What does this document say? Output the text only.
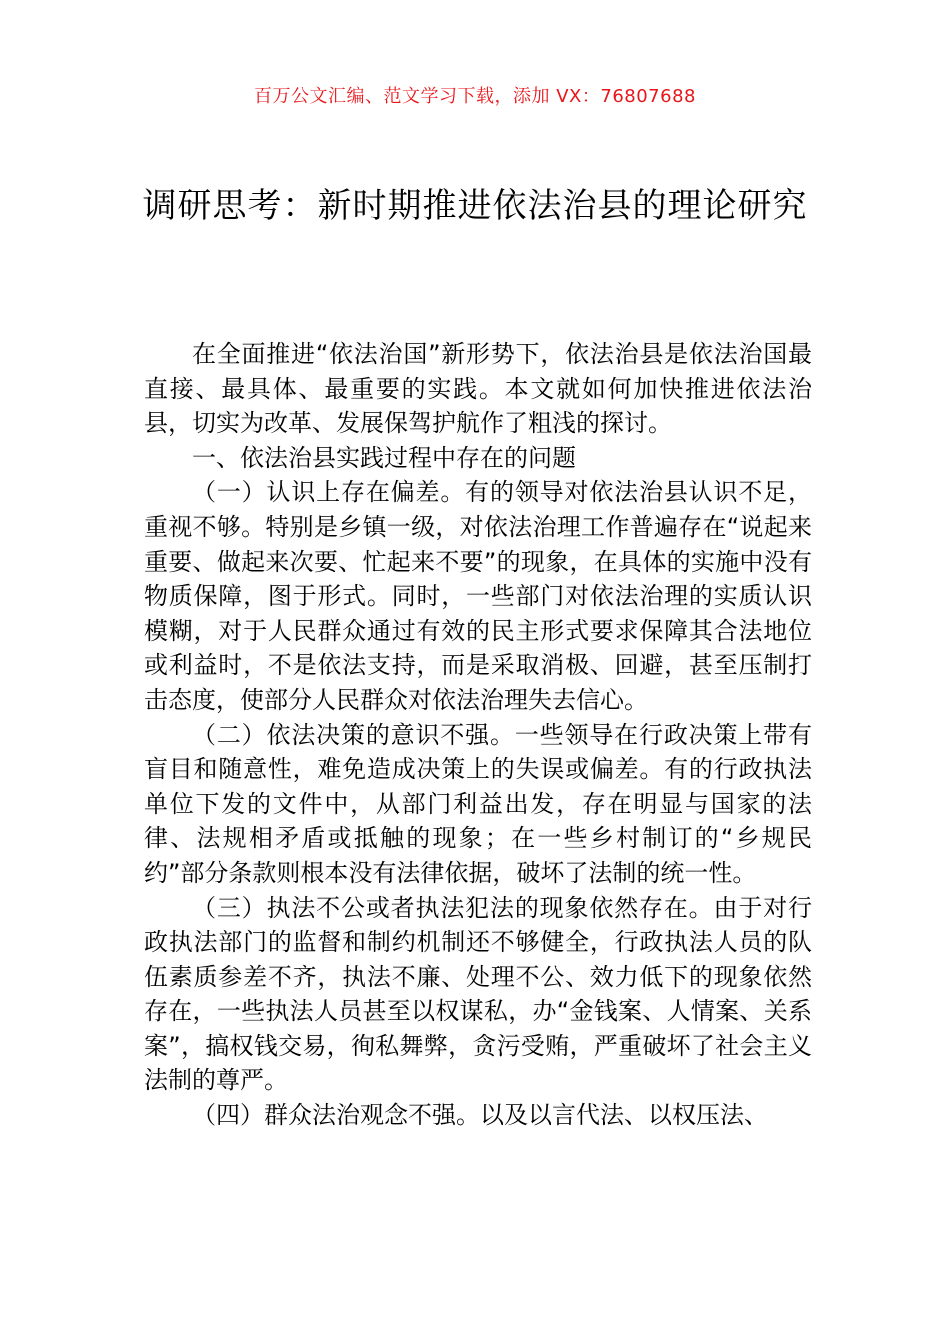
百万公文汇编、范文学习下载，添加 VX：76807688
调研思考：新时期推进依法治县的理论研究

在全面推进“依法治国”新形势下，依法治县是依法治国最直接、最具体、最重要的实践。本文就如何加快推进依法治县，切实为改革、发展保驾护航作了粗浅的探讨。

一、依法治县实践过程中存在的问题

（一）认识上存在偏差。有的领导对依法治县认识不足，重视不够。特别是乡镇一级，对依法治理工作普遍存在“说起来重要、做起来次要、忙起来不要”的现象，在具体的实施中没有物质保障，图于形式。同时，一些部门对依法治理的实质认识模糊，对于人民群众通过有效的民主形式要求保障其合法地位或利益时，不是依法支持，而是采取消极、回避，甚至压制打击态度，使部分人民群众对依法治理失去信心。

（二）依法决策的意识不强。一些领导在行政决策上带有盲目和随意性，难免造成决策上的失误或偏差。有的行政执法单位下发的文件中，从部门利益出发，存在明显与国家的法律、法规相矛盾或抵触的现象；在一些乡村制订的“乡规民约”部分条款则根本没有法律依据，破坏了法制的统一性。

（三）执法不公或者执法犯法的现象依然存在。由于对行政执法部门的监督和制约机制还不够健全，行政执法人员的队伍素质参差不齐，执法不廉、处理不公、效力低下的现象依然存在，一些执法人员甚至以权谋私，办“金钱案、人情案、关系案”，搞权钱交易，徇私舞弊，贪污受贿，严重破坏了社会主义法制的尊严。

（四）群众法治观念不强。以及以言代法、以权压法、
